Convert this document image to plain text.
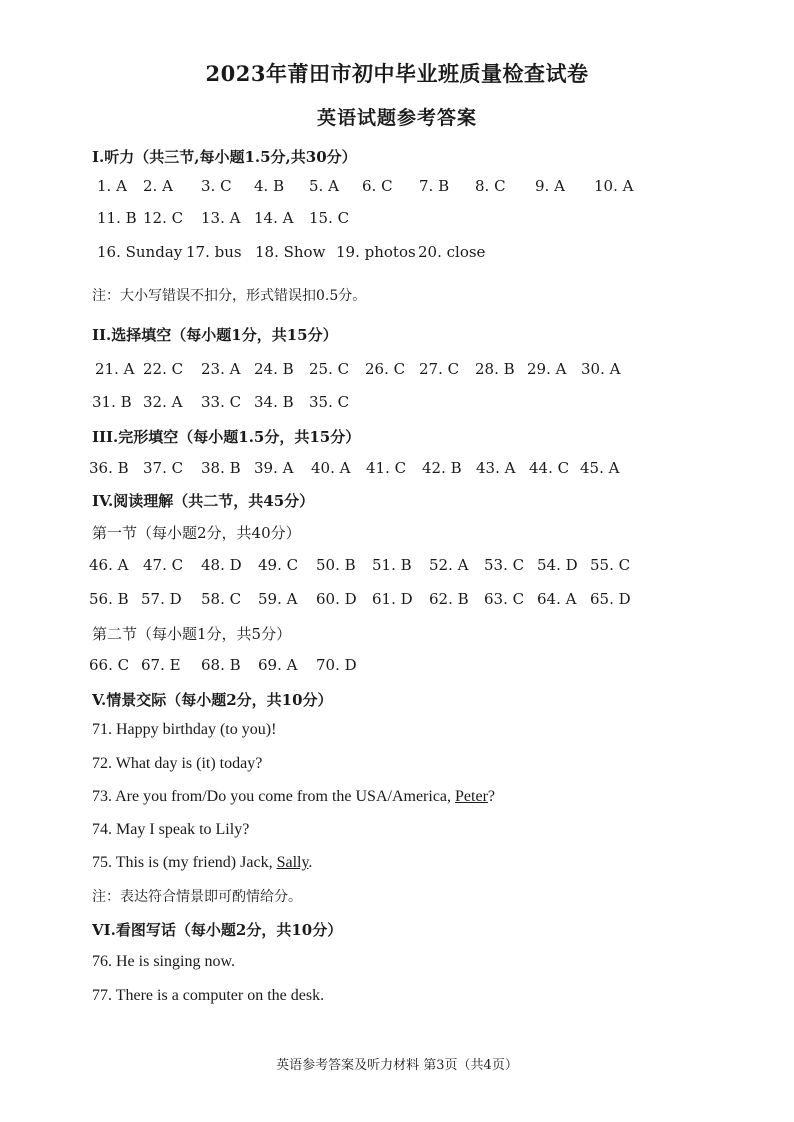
2023年莆田市初中毕业班质量检查试卷
英语试题参考答案
I.听力（共三节,每小题1.5分,共30分）
1. A 2. A 3. C 4. B 5. A 6. C 7. B 8. C 9. A 10. A
11. B 12. C 13. A 14. A 15. C
16. Sunday 17. bus 18. Show 19. photos 20. close
注：大小写错误不扣分，形式错误扣0.5分。
II.选择填空（每小题1分，共15分）
21. A 22. C 23. A 24. B 25. C 26. C 27. C 28. B 29. A 30. A
31. B 32. A 33. C 34. B 35. C
III.完形填空（每小题1.5分，共15分）
36. B 37. C 38. B 39. A 40. A 41. C 42. B 43. A 44. C 45. A
IV.阅读理解（共二节，共45分）
第一节（每小题2分，共40分）
46. A 47. C 48. D 49. C 50. B 51. B 52. A 53. C 54. D 55. C
56. B 57. D 58. C 59. A 60. D 61. D 62. B 63. C 64. A 65. D
第二节（每小题1分，共5分）
66. C 67. E 68. B 69. A 70. D
V.情景交际（每小题2分，共10分）
71. Happy birthday (to you)!
72. What day is (it) today?
73. Are you from/Do you come from the USA/America, Peter?
74. May I speak to Lily?
75. This is (my friend) Jack, Sally.
注：表达符合情景即可酌情给分。
VI.看图写话（每小题2分，共10分）
76. He is singing now.
77. There is a computer on the desk.
英语参考答案及听力材料 第3页（共4页）
